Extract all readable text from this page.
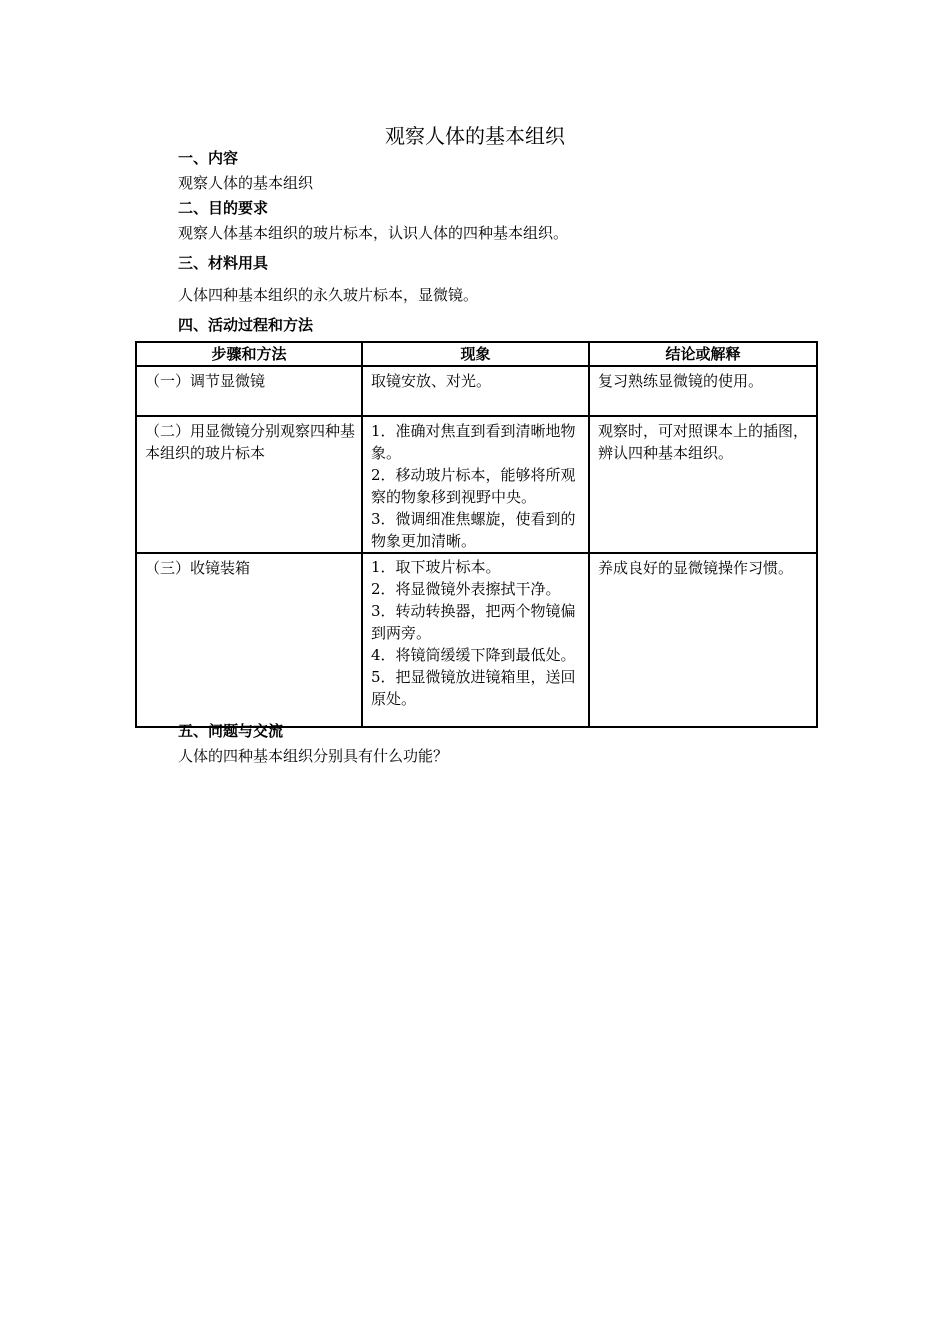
观察人体的基本组织
一、内容
观察人体的基本组织
二、目的要求
观察人体基本组织的玻片标本，认识人体的四种基本组织。
三、材料用具
人体四种基本组织的永久玻片标本，显微镜。
四、活动过程和方法
步骤和方法	现象	结论或解释
（一）调节显微镜	取镜安放、对光。	复习熟练显微镜的使用。
（二）用显微镜分别观察四种基本组织的玻片标本	1．准确对焦直到看到清晰地物象。
2．移动玻片标本，能够将所观察的物象移到视野中央。
3．微调细准焦螺旋，使看到的物象更加清晰。	观察时，可对照课本上的插图，辨认四种基本组织。
（三）收镜装箱	1．取下玻片标本。
2．将显微镜外表擦拭干净。
3．转动转换器，把两个物镜偏到两旁。
4．将镜筒缓缓下降到最低处。
5．把显微镜放进镜箱里，送回原处。	养成良好的显微镜操作习惯。
五、问题与交流
人体的四种基本组织分别具有什么功能？
